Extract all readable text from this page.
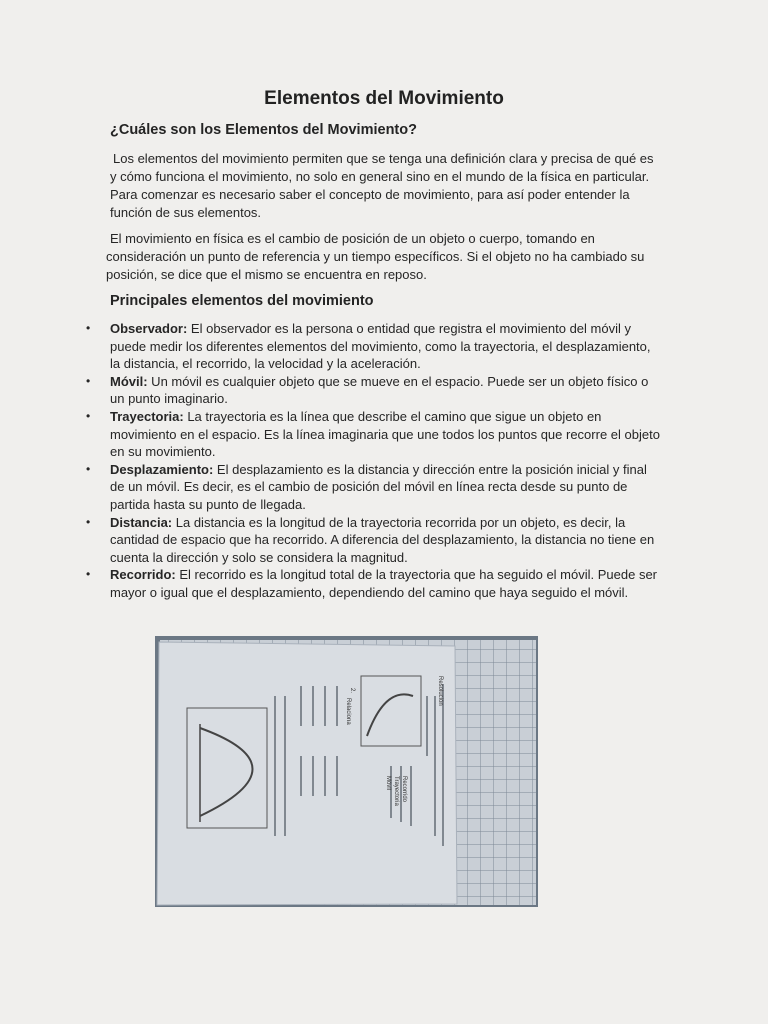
Elementos del Movimiento

¿Cuáles son los Elementos del Movimiento?

Los elementos del movimiento permiten que se tenga una definición clara y precisa de qué es y cómo funciona el movimiento, no solo en general sino en el mundo de la física en particular. Para comenzar es necesario saber el concepto de movimiento, para así poder entender la función de sus elementos.

El movimiento en física es el cambio de posición de un objeto o cuerpo, tomando en consideración un punto de referencia y un tiempo específicos. Si el objeto no ha cambiado su posición, se dice que el mismo se encuentra en reposo.

Principales elementos del movimiento

•	Observador: El observador es la persona o entidad que registra el movimiento del móvil y puede medir los diferentes elementos del movimiento, como la trayectoria, el desplazamiento, la distancia, el recorrido, la velocidad y la aceleración.
•	Móvil: Un móvil es cualquier objeto que se mueve en el espacio. Puede ser un objeto físico o un punto imaginario.
•	Trayectoria: La trayectoria es la línea que describe el camino que sigue un objeto en movimiento en el espacio. Es la línea imaginaria que une todos los puntos que recorre el objeto en su movimiento.
•	Desplazamiento: El desplazamiento es la distancia y dirección entre la posición inicial y final de un móvil. Es decir, es el cambio de posición del móvil en línea recta desde su punto de partida hasta su punto de llegada.
•	Distancia: La distancia es la longitud de la trayectoria recorrida por un objeto, es decir, la cantidad de espacio que ha recorrido. A diferencia del desplazamiento, la distancia no tiene en cuenta la dirección y solo se considera la magnitud.
•	Recorrido: El recorrido es la longitud total de la trayectoria que ha seguido el móvil. Puede ser mayor o igual que el desplazamiento, dependiendo del camino que haya seguido el móvil.
Recorrido
Trayectoria
Móvil
Relaciona
Resolución
2.
